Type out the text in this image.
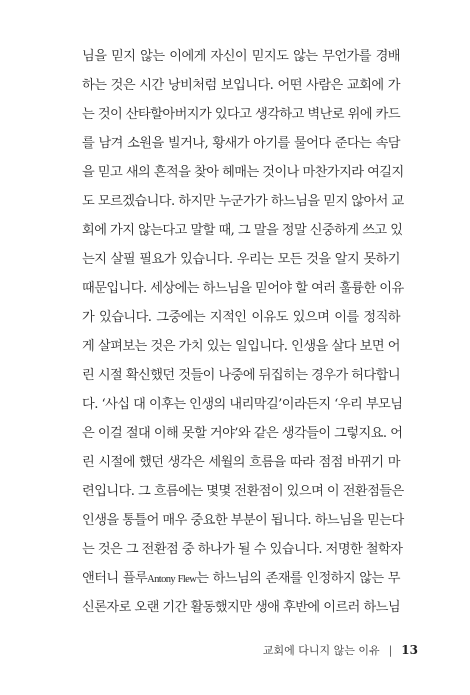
님을 믿지 않는 이에게 자신이 믿지도 않는 무언가를 경배
하는 것은 시간 낭비처럼 보입니다. 어떤 사람은 교회에 가
는 것이 산타할아버지가 있다고 생각하고 벽난로 위에 카드
를 남겨 소원을 빌거나, 황새가 아기를 물어다 준다는 속담
을 믿고 새의 흔적을 찾아 헤매는 것이나 마찬가지라 여길지
도 모르겠습니다. 하지만 누군가가 하느님을 믿지 않아서 교
회에 가지 않는다고 말할 때, 그 말을 정말 신중하게 쓰고 있
는지 살필 필요가 있습니다. 우리는 모든 것을 알지 못하기
때문입니다. 세상에는 하느님을 믿어야 할 여러 훌륭한 이유
가 있습니다. 그중에는 지적인 이유도 있으며 이를 정직하
게 살펴보는 것은 가치 있는 일입니다. 인생을 살다 보면 어
린 시절 확신했던 것들이 나중에 뒤집히는 경우가 허다합니
다. ‘사십 대 이후는 인생의 내리막길’이라든지 ‘우리 부모님
은 이걸 절대 이해 못할 거야’와 같은 생각들이 그렇지요. 어
린 시절에 했던 생각은 세월의 흐름을 따라 점점 바뀌기 마
련입니다. 그 흐름에는 몇몇 전환점이 있으며 이 전환점들은
인생을 통틀어 매우 중요한 부분이 됩니다. 하느님을 믿는다
는 것은 그 전환점 중 하나가 될 수 있습니다. 저명한 철학자
앤터니 플루Antony Flew는 하느님의 존재를 인정하지 않는 무
신론자로 오랜 기간 활동했지만 생애 후반에 이르러 하느님
교회에 다니지 않는 이유 | 13
